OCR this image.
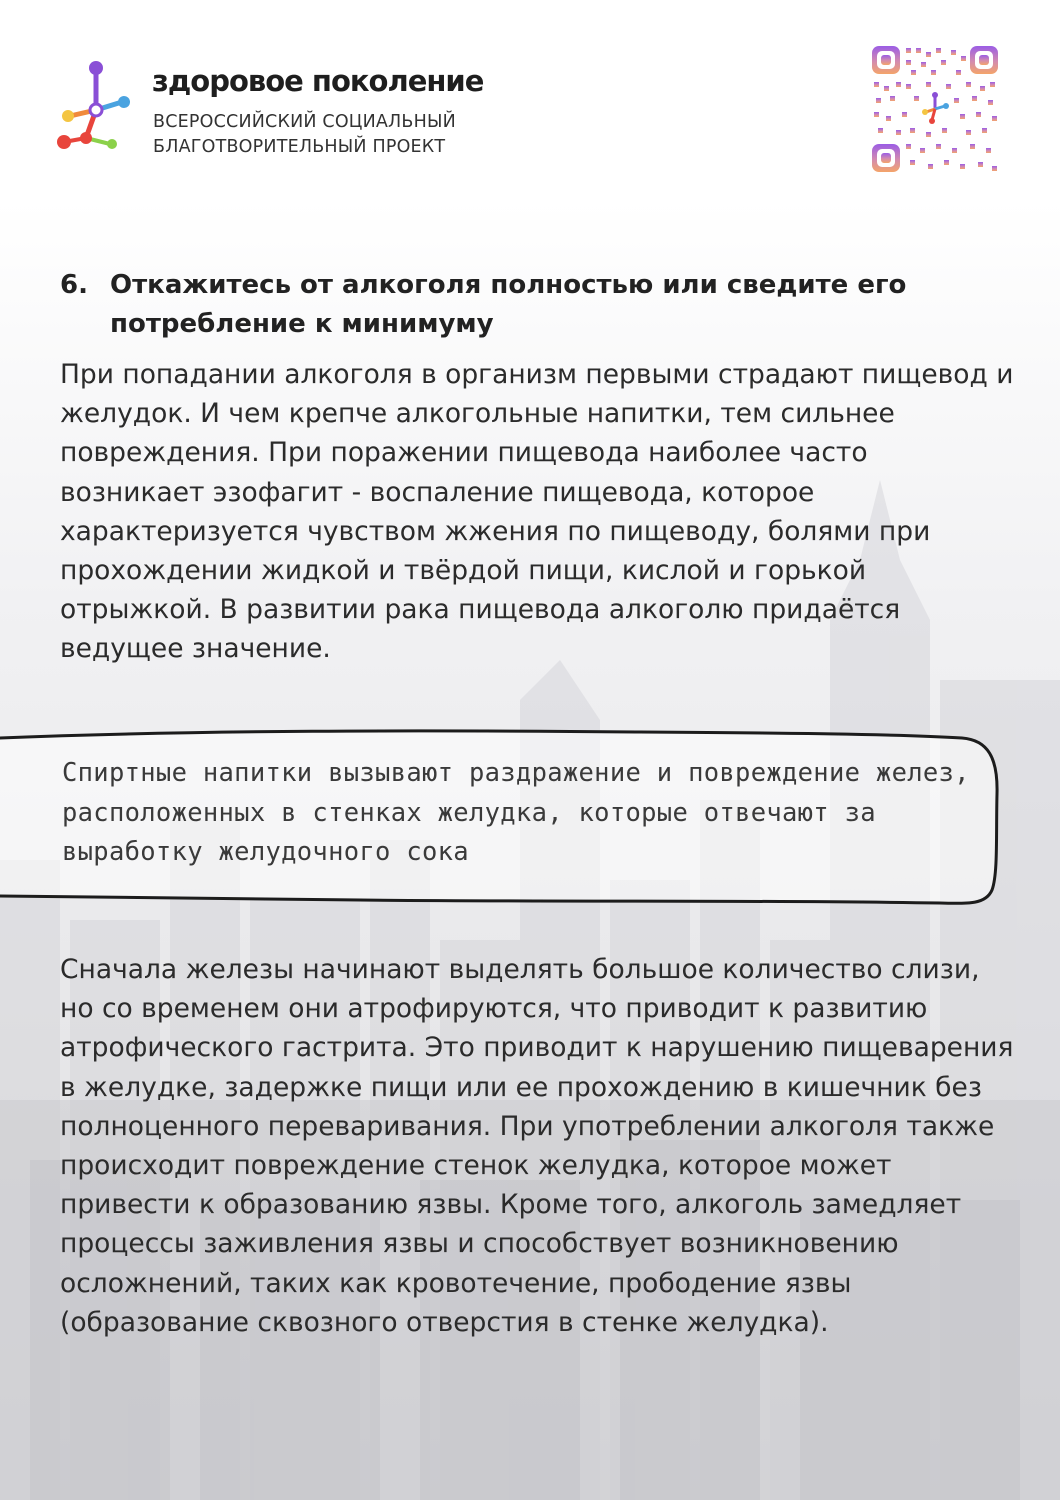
здоровое поколение
ВСЕРОССИЙСКИЙ СОЦИАЛЬНЫЙ БЛАГОТВОРИТЕЛЬНЫЙ ПРОЕКТ
6. Откажитесь от алкоголя полностью или сведите его потребление к минимуму

При попадании алкоголя в организм первыми страдают пищевод и желудок. И чем крепче алкогольные напитки, тем сильнее повреждения. При поражении пищевода наиболее часто возникает эзофагит - воспаление пищевода, которое характеризуется чувством жжения по пищеводу, болями при прохождении жидкой и твёрдой пищи, кислой и горькой отрыжкой. В развитии рака пищевода алкоголю придаётся ведущее значение.

Спиртные напитки вызывают раздражение и повреждение желез, расположенных в стенках желудка, которые отвечают за выработку желудочного сока

Сначала железы начинают выделять большое количество слизи, но со временем они атрофируются, что приводит к развитию атрофического гастрита. Это приводит к нарушению пищеварения в желудке, задержке пищи или ее прохождению в кишечник без полноценного переваривания. При употреблении алкоголя также происходит повреждение стенок желудка, которое может привести к образованию язвы. Кроме того, алкоголь замедляет процессы заживления язвы и способствует возникновению осложнений, таких как кровотечение, прободение язвы (образование сквозного отверстия в стенке желудка).
